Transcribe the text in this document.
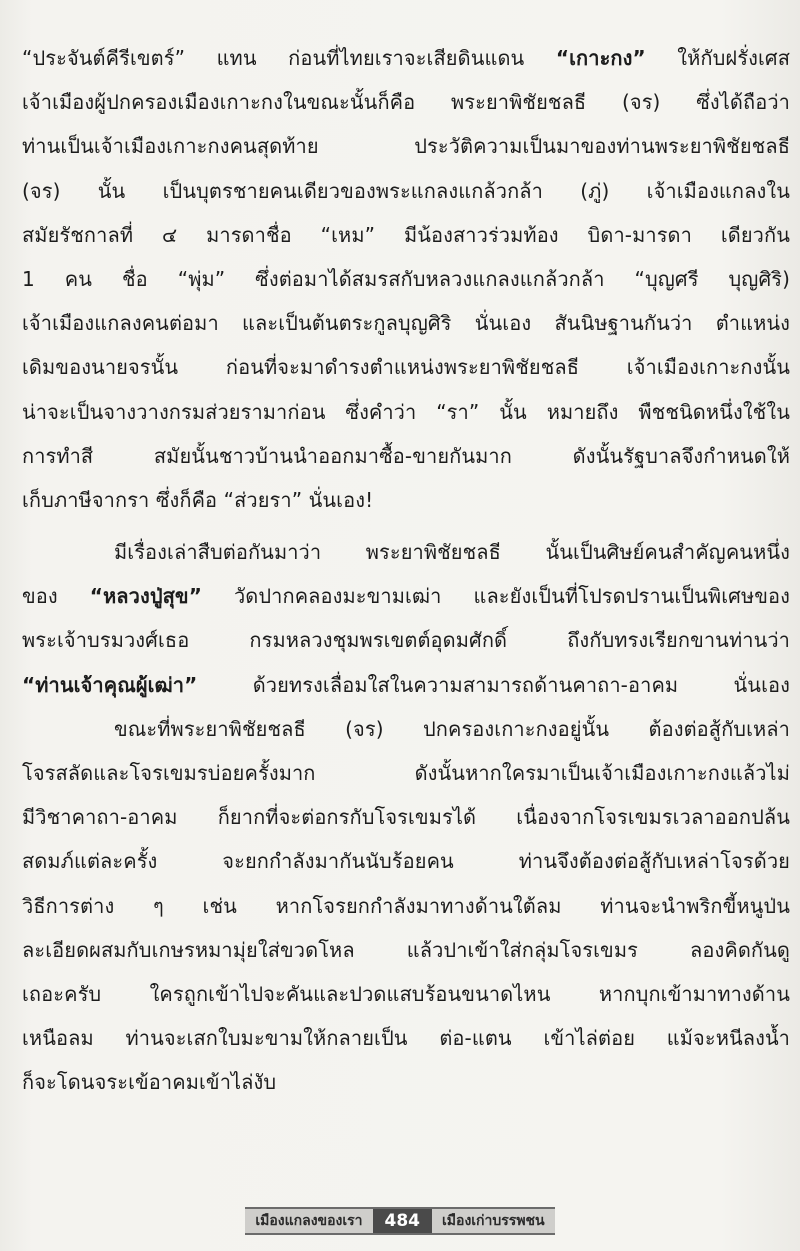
“ประจันต์คีรีเขตร์” แทน ก่อนที่ไทยเราจะเสียดินแดน “เกาะกง” ให้กับฝรั่งเศส
เจ้าเมืองผู้ปกครองเมืองเกาะกงในขณะนั้นก็คือ พระยาพิชัยชลธี (จร) ซึ่งได้ถือว่า
ท่านเป็นเจ้าเมืองเกาะกงคนสุดท้าย ประวัติความเป็นมาของท่านพระยาพิชัยชลธี
(จร) นั้น เป็นบุตรชายคนเดียวของพระแกลงแกล้วกล้า (ภู่) เจ้าเมืองแกลงใน
สมัยรัชกาลที่ ๔ มารดาชื่อ “เหม” มีน้องสาวร่วมท้อง บิดา-มารดา เดียวกัน
1 คน ชื่อ “พุ่ม” ซึ่งต่อมาได้สมรสกับหลวงแกลงแกล้วกล้า “บุญศรี บุญศิริ)
เจ้าเมืองแกลงคนต่อมา และเป็นต้นตระกูลบุญศิริ นั่นเอง สันนิษฐานกันว่า ตำแหน่ง
เดิมของนายจรนั้น ก่อนที่จะมาดำรงตำแหน่งพระยาพิชัยชลธี เจ้าเมืองเกาะกงนั้น
น่าจะเป็นจางวางกรมส่วยรามาก่อน ซึ่งคำว่า “รา” นั้น หมายถึง พืชชนิดหนึ่งใช้ใน
การทำสี สมัยนั้นชาวบ้านนำออกมาซื้อ-ขายกันมาก ดังนั้นรัฐบาลจึงกำหนดให้
เก็บภาษีจากรา ซึ่งก็คือ “ส่วยรา” นั่นเอง!
มีเรื่องเล่าสืบต่อกันมาว่า พระยาพิชัยชลธี นั้นเป็นศิษย์คนสำคัญคนหนึ่ง
ของ “หลวงปู่สุข” วัดปากคลองมะขามเฒ่า และยังเป็นที่โปรดปรานเป็นพิเศษของ
พระเจ้าบรมวงศ์เธอ กรมหลวงชุมพรเขตต์อุดมศักดิ์ ถึงกับทรงเรียกขานท่านว่า
“ท่านเจ้าคุณผู้เฒ่า” ด้วยทรงเลื่อมใสในความสามารถด้านคาถา-อาคม นั่นเอง
ขณะที่พระยาพิชัยชลธี (จร) ปกครองเกาะกงอยู่นั้น ต้องต่อสู้กับเหล่า
โจรสลัดและโจรเขมรบ่อยครั้งมาก ดังนั้นหากใครมาเป็นเจ้าเมืองเกาะกงแล้วไม่
มีวิชาคาถา-อาคม ก็ยากที่จะต่อกรกับโจรเขมรได้ เนื่องจากโจรเขมรเวลาออกปล้น
สดมภ์แต่ละครั้ง จะยกกำลังมากันนับร้อยคน ท่านจึงต้องต่อสู้กับเหล่าโจรด้วย
วิธีการต่าง ๆ เช่น หากโจรยกกำลังมาทางด้านใต้ลม ท่านจะนำพริกขี้หนูป่น
ละเอียดผสมกับเกษรหมามุ่ยใส่ขวดโหล แล้วปาเข้าใส่กลุ่มโจรเขมร ลองคิดกันดู
เถอะครับ ใครถูกเข้าไปจะคันและปวดแสบร้อนขนาดไหน หากบุกเข้ามาทางด้าน
เหนือลม ท่านจะเสกใบมะขามให้กลายเป็น ต่อ-แตน เข้าไล่ต่อย แม้จะหนีลงน้ำ
ก็จะโดนจระเข้อาคมเข้าไล่งับ
เมืองแกลงของเรา	484	เมืองเก่าบรรพชน
